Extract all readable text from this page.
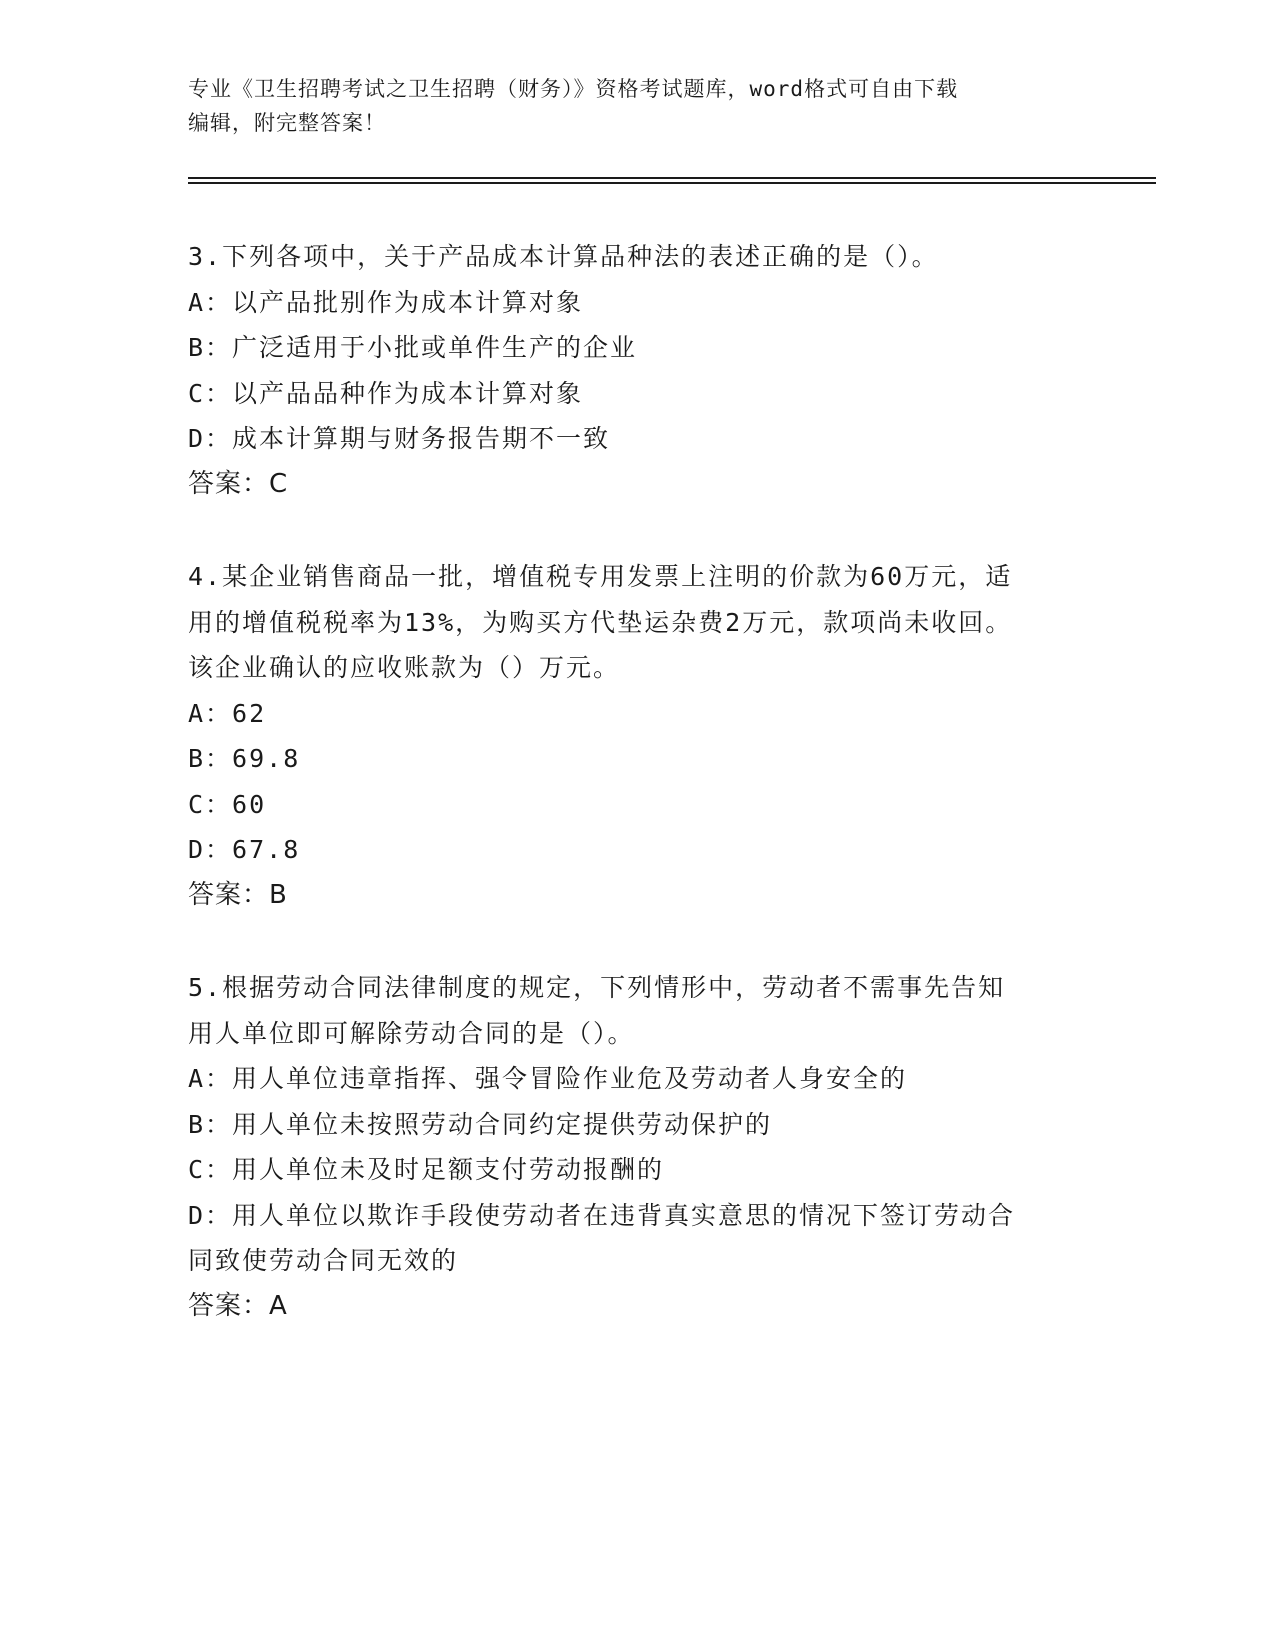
专业《卫生招聘考试之卫生招聘（财务）》资格考试题库，word格式可自由下载
编辑，附完整答案！

3.下列各项中，关于产品成本计算品种法的表述正确的是（）。

A：以产品批别作为成本计算对象

B：广泛适用于小批或单件生产的企业

C：以产品品种作为成本计算对象

D：成本计算期与财务报告期不一致

答案：C

4.某企业销售商品一批，增值税专用发票上注明的价款为60万元，适

用的增值税税率为13%，为购买方代垫运杂费2万元，款项尚未收回。

该企业确认的应收账款为（）万元。

A：62

B：69.8

C：60

D：67.8

答案：B

5.根据劳动合同法律制度的规定，下列情形中，劳动者不需事先告知

用人单位即可解除劳动合同的是（）。

A：用人单位违章指挥、强令冒险作业危及劳动者人身安全的

B：用人单位未按照劳动合同约定提供劳动保护的

C：用人单位未及时足额支付劳动报酬的

D：用人单位以欺诈手段使劳动者在违背真实意思的情况下签订劳动合

同致使劳动合同无效的

答案：A
